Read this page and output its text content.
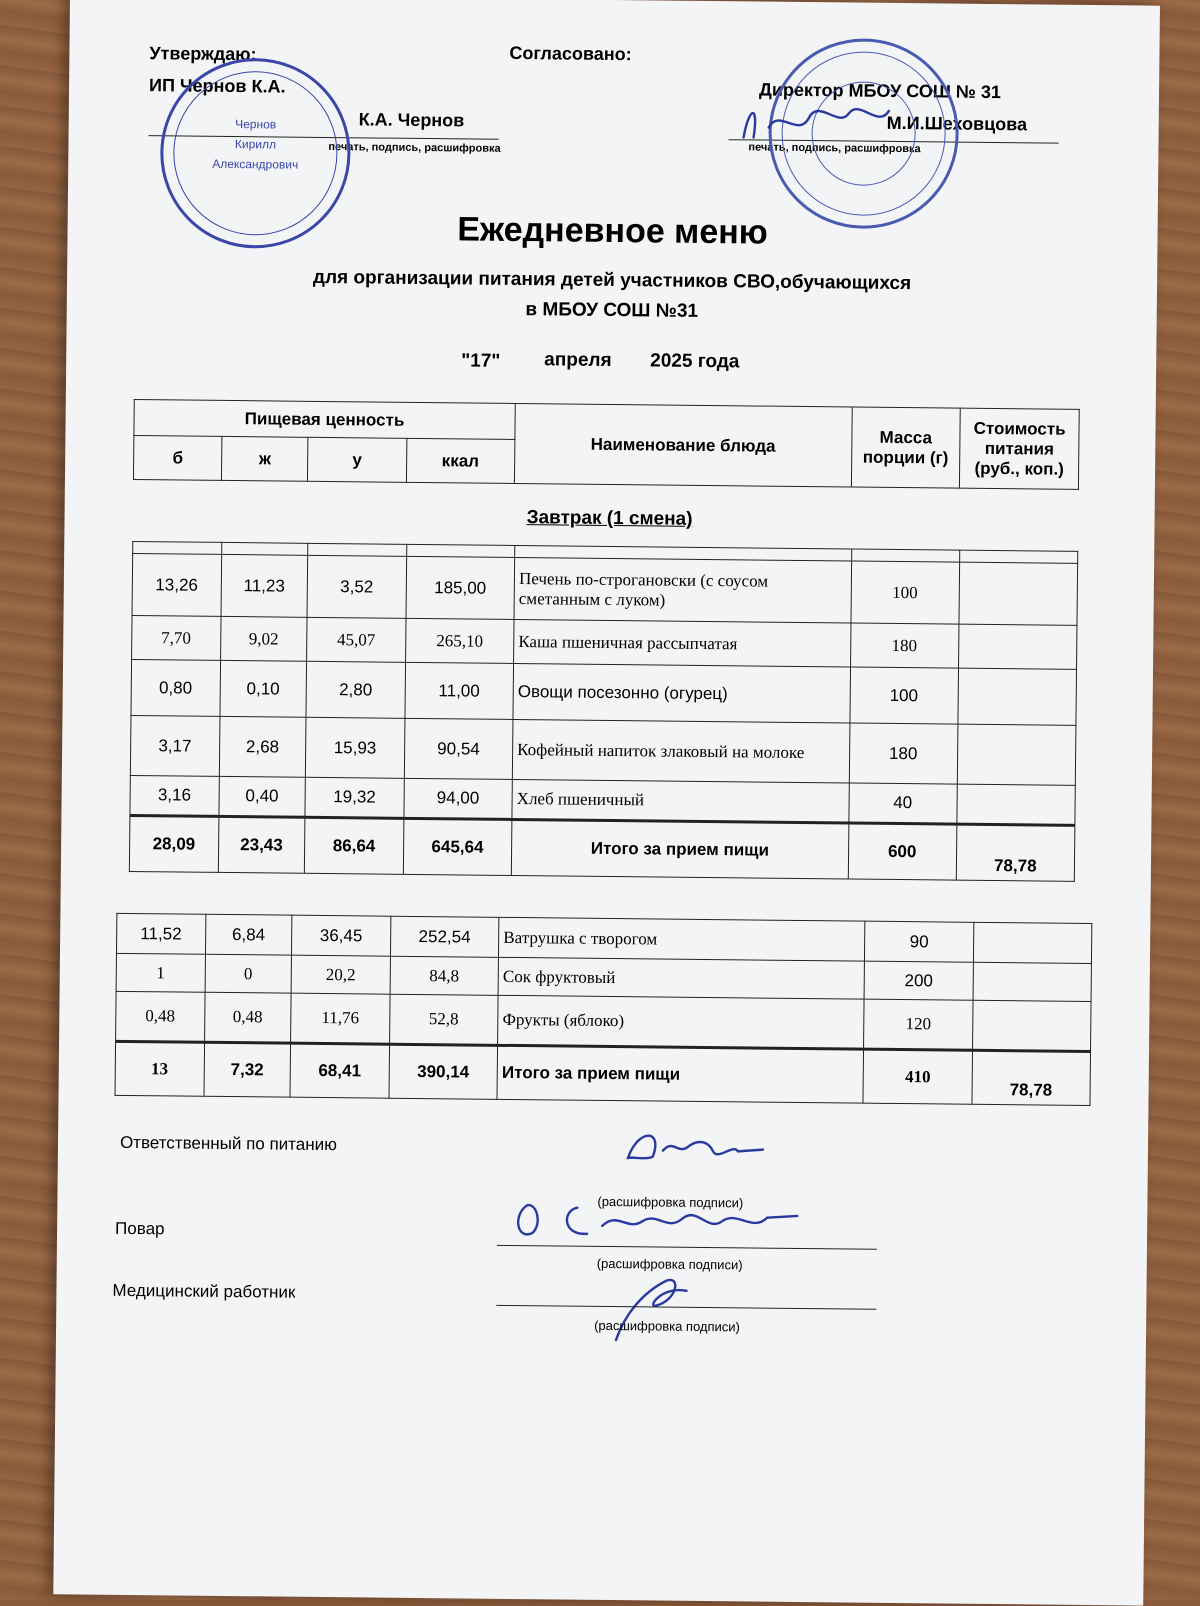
Утверждаю:
ИП Чернов К.А.
К.А. Чернов
печать, подпись, расшифровка
Согласовано:
Директор МБОУ СОШ № 31
М.И.Шеховцова
печать, подпись, расшифровка
Чернов
Кирилл
Александрович
Ежедневное меню
для организации питания детей участников СВО,обучающихся
в МБОУ СОШ №31
"17" апреля 2025 года
Пищевая ценность				Наименование блюда	Масса порции (г)	Стоимость питания (руб., коп.)
б	ж	у	ккал			
Завтрак (1 смена)

13,26	11,23	3,52	185,00	Печень по-строгановски (с соусом сметанным с луком)	100	
7,70	9,02	45,07	265,10	Каша пшеничная рассыпчатая	180	
0,80	0,10	2,80	11,00	Овощи посезонно (огурец)	100	
3,17	2,68	15,93	90,54	Кофейный напиток злаковый на молоке	180	
3,16	0,40	19,32	94,00	Хлеб пшеничный	40	
28,09	23,43	86,64	645,64	Итого за прием пищи	600	78,78
11,52	6,84	36,45	252,54	Ватрушка с творогом	90	
1	0	20,2	84,8	Сок фруктовый	200	
0,48	0,48	11,76	52,8	Фрукты (яблоко)	120	
13	7,32	68,41	390,14	Итого за прием пищи	410	78,78
Ответственный по питанию
(расшифровка подписи)
Повар
(расшифровка подписи)
Медицинский работник
(расшифровка подписи)
